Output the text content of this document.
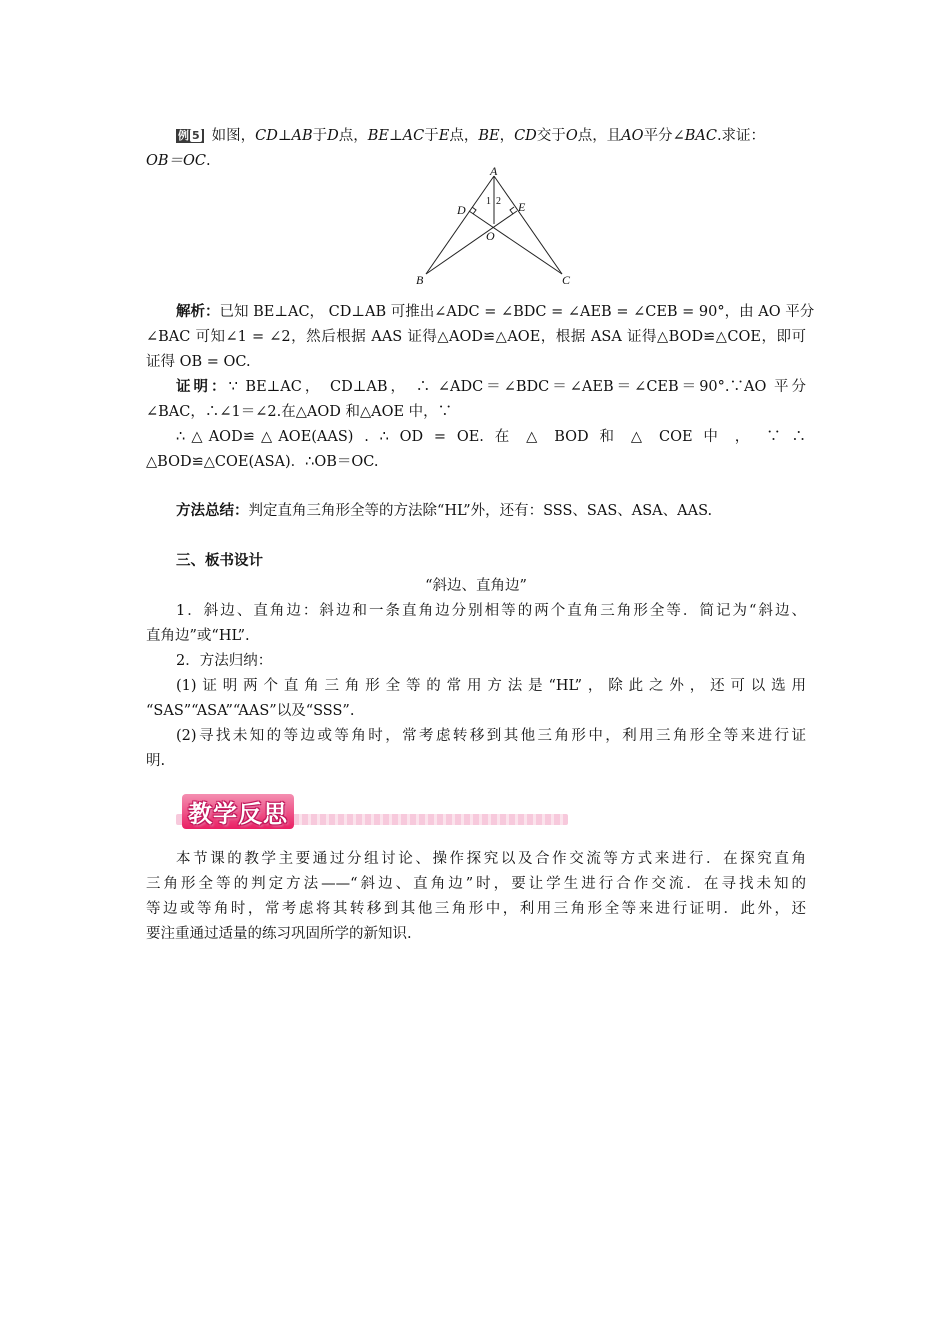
例 5 如图，CD⊥AB于D点，BE⊥AC于E点，BE，CD交于O点，且AO平分∠BAC.求证：
OB＝OC.
A
B	C
D	E
O
1 2
解析：已知 BE⊥AC， CD⊥AB 可推出∠ADC = ∠BDC = ∠AEB = ∠CEB = 90°，由 AO 平分
∠BAC 可知∠1 = ∠2，然后根据 AAS 证得△AOD≌△AOE，根据 ASA 证得△BOD≌△COE，即可
证得 OB = OC.
证明：∵ BE⊥AC， CD⊥AB， ∴ ∠ADC＝∠BDC＝∠AEB＝∠CEB＝90°.∵AO 平分
∠BAC，∴∠1＝∠2.在△AOD 和△AOE 中，∵
∴△AOD≌△AOE(AAS) . ∴ OD = OE. 在 △ BOD 和 △ COE 中 ， ∵ ∴
△BOD≌△COE(ASA)．∴OB＝OC.
方法总结：判定直角三角形全等的方法除“HL”外，还有：SSS、SAS、ASA、AAS.
三、板书设计
“斜边、直角边”
1．斜边、直角边：斜边和一条直角边分别相等的两个直角三角形全等．简记为“斜边、
直角边”或“HL”.
2．方法归纳：
(1)证明两个直角三角形全等的常用方法是“HL”，除此之外，还可以选用
“SAS”“ASA”“AAS”以及“SSS”.
(2)寻找未知的等边或等角时，常考虑转移到其他三角形中，利用三角形全等来进行证
明.
教学反思
本节课的教学主要通过分组讨论、操作探究以及合作交流等方式来进行．在探究直角
三角形全等的判定方法——“斜边、直角边”时，要让学生进行合作交流．在寻找未知的
等边或等角时，常考虑将其转移到其他三角形中，利用三角形全等来进行证明．此外，还
要注重通过适量的练习巩固所学的新知识.
